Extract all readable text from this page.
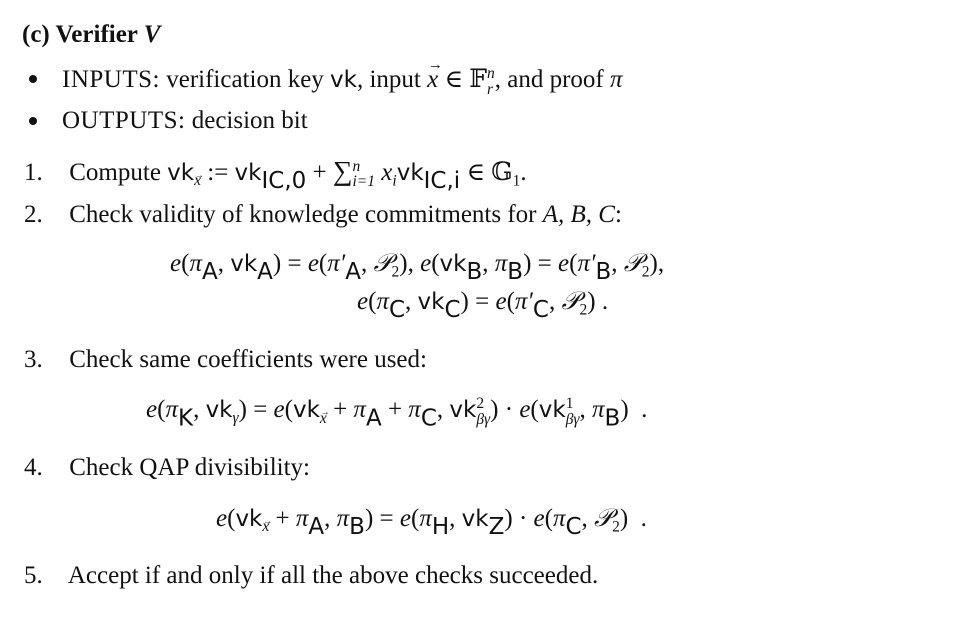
(c) Verifier V
INPUTS: verification key vk, input → x ∈ 𝔽 n
r , and proof π
OUTPUTS: decision bit
1. Compute $vk_x$ := $vk_{IC,0}$ + ∑ n
i=1 $x_ivk_{IC,i}$ ∈ 𝔾$_1$.
2. Check validity of knowledge commitments for A, B, C:
$e(\pi_A$, $vk_A) = e(\pi'_A$, 𝒫$_2$), $e(vk_B$, $\pi_B) = e(\pi'_B$, 𝒫$_2$),
$e(\pi_C$, $vk_C) = e(\pi'_C$, 𝒫$_2$) .
3. Check same coefficients were used:
$e(\pi_K$, $vk_\gamma) = e(vk_x + \pi_A + \pi_C$, vk 2
βγ ) · e(vk 1
βγ , $\pi_B$)  .
4. Check QAP divisibility:
$e(vk_x + \pi_A$, $\pi_B) = e(\pi_H$, $vk_Z) \cdot e(\pi_C$, 𝒫$_2$)  .
5. Accept if and only if all the above checks succeeded.
